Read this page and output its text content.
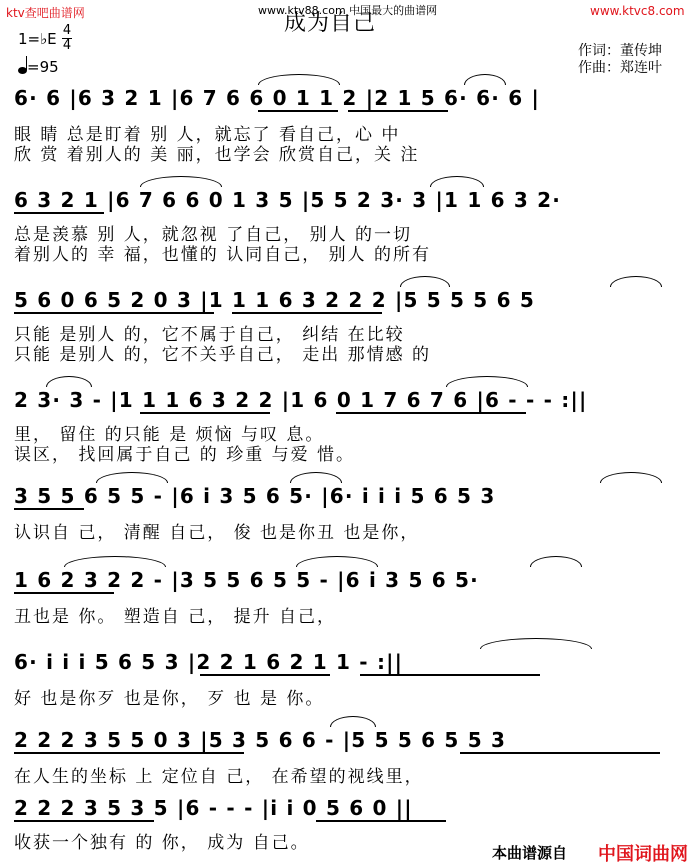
ktv查吧曲谱网	www.ktv88.com 中国最大的曲谱网	www.ktvc8.com
成为自己
1=♭E 4
4
=95
作词：董传坤
作曲：郑连叶
6· 6 |6 3 2 1 |6 7 6 6 0 1 1 2 |2 1 5 6· 6· 6 |
眼 睛 总是盯着 别 人，就忘了 看自己，心 中
欣 赏 着别人的 美 丽，也学会 欣赏自己，关 注
6 3 2 1 |6 7 6 6 0 1 3 5 |5 5 2 3· 3 |1 1 6 3 2·
总是羡慕 别 人，就忽视 了自己， 别人 的一切
着别人的 幸 福，也懂的 认同自己， 别人 的所有
5 6 0 6 5 2 0 3 |1 1 1 6 3 2 2 2 |5 5 5 5 6 5
只能 是别人 的，它不属于自己， 纠结 在比较
只能 是别人 的，它不关乎自己， 走出 那情感 的
2 3· 3 - |1 1 1 6 3 2 2 |1 6 0 1 7 6 7 6 |6 - - - :||
里， 留住 的只能 是 烦恼 与叹 息。
误区， 找回属于自己 的 珍重 与爱 惜。
3 5 5 6 5 5 - |6 i 3 5 6 5· |6· i i i 5 6 5 3
认识自 己， 清醒 自己， 俊 也是你丑 也是你，
1 6 2 3 2 2 - |3 5 5 6 5 5 - |6 i 3 5 6 5·
丑也是 你。 塑造自 己， 提升 自己，
6· i i i 5 6 5 3 |2 2 1 6 2 1 1 - :||
好 也是你歹 也是你， 歹 也 是 你。
2 2 2 3 5 5 0 3 |5 3 5 6 6 - |5 5 5 6 5 5 3
在人生的坐标 上 定位自 己， 在希望的视线里，
2 2 2 3 5 3 5 |6 - - - |i i 0 5 6 0 ||
收获一个独有 的 你， 成为 自己。	本曲谱源自 中国词曲网
